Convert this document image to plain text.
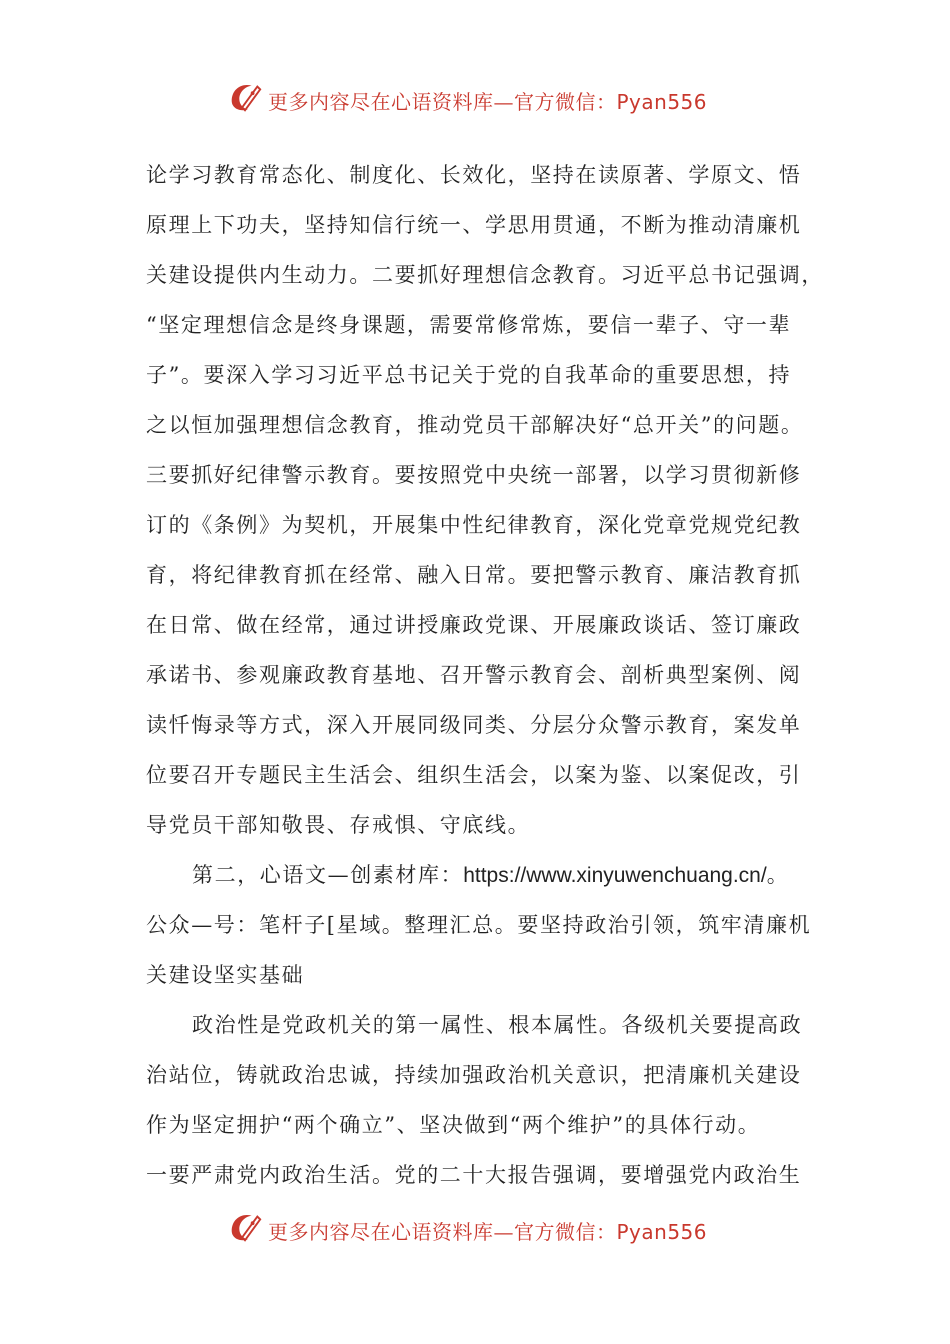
更多内容尽在心语资料库—官方微信：Pyan556
论学习教育常态化、制度化、长效化，坚持在读原著、学原文、悟
原理上下功夫，坚持知信行统一、学思用贯通，不断为推动清廉机
关建设提供内生动力。二要抓好理想信念教育。习近平总书记强调，
“坚定理想信念是终身课题，需要常修常炼，要信一辈子、守一辈
子”。要深入学习习近平总书记关于党的自我革命的重要思想，持
之以恒加强理想信念教育，推动党员干部解决好“总开关”的问题。
三要抓好纪律警示教育。要按照党中央统一部署，以学习贯彻新修
订的《条例》为契机，开展集中性纪律教育，深化党章党规党纪教
育，将纪律教育抓在经常、融入日常。要把警示教育、廉洁教育抓
在日常、做在经常，通过讲授廉政党课、开展廉政谈话、签订廉政
承诺书、参观廉政教育基地、召开警示教育会、剖析典型案例、阅
读忏悔录等方式，深入开展同级同类、分层分众警示教育，案发单
位要召开专题民主生活会、组织生活会，以案为鉴、以案促改，引
导党员干部知敬畏、存戒惧、守底线。
第二，心语文—创素材库：https://www.xinyuwenchuang.cn/。
公众—号：笔杆子[星域。整理汇总。要坚持政治引领，筑牢清廉机
关建设坚实基础
政治性是党政机关的第一属性、根本属性。各级机关要提高政
治站位，铸就政治忠诚，持续加强政治机关意识，把清廉机关建设
作为坚定拥护“两个确立”、坚决做到“两个维护”的具体行动。
一要严肃党内政治生活。党的二十大报告强调，要增强党内政治生
更多内容尽在心语资料库—官方微信：Pyan556
